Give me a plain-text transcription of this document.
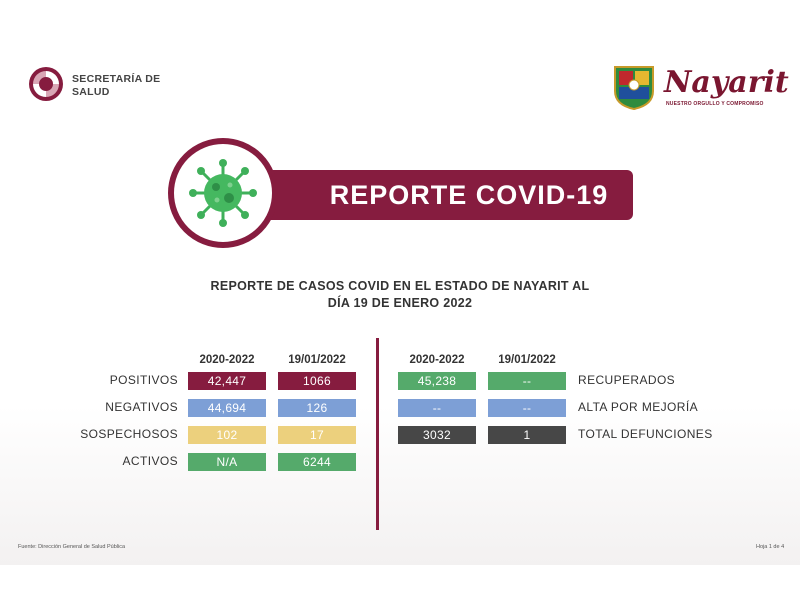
SECRETARÍA DE
SALUD	Nayarit
NUESTRO ORGULLO Y COMPROMISO
REPORTE COVID-19
REPORTE DE CASOS COVID EN EL ESTADO DE NAYARIT AL
DÍA 19 DE ENERO 2022
2020-2022	19/01/2022
POSITIVOS	42,447	1066
NEGATIVOS	44,694	126
SOSPECHOSOS	102	17
ACTIVOS	N/A	6244
2020-2022	19/01/2022
45,238	--	RECUPERADOS
--	--	ALTA POR MEJORÍA
3032	1	TOTAL DEFUNCIONES
Fuente: Dirección General de Salud Pública	Hoja 1 de 4
